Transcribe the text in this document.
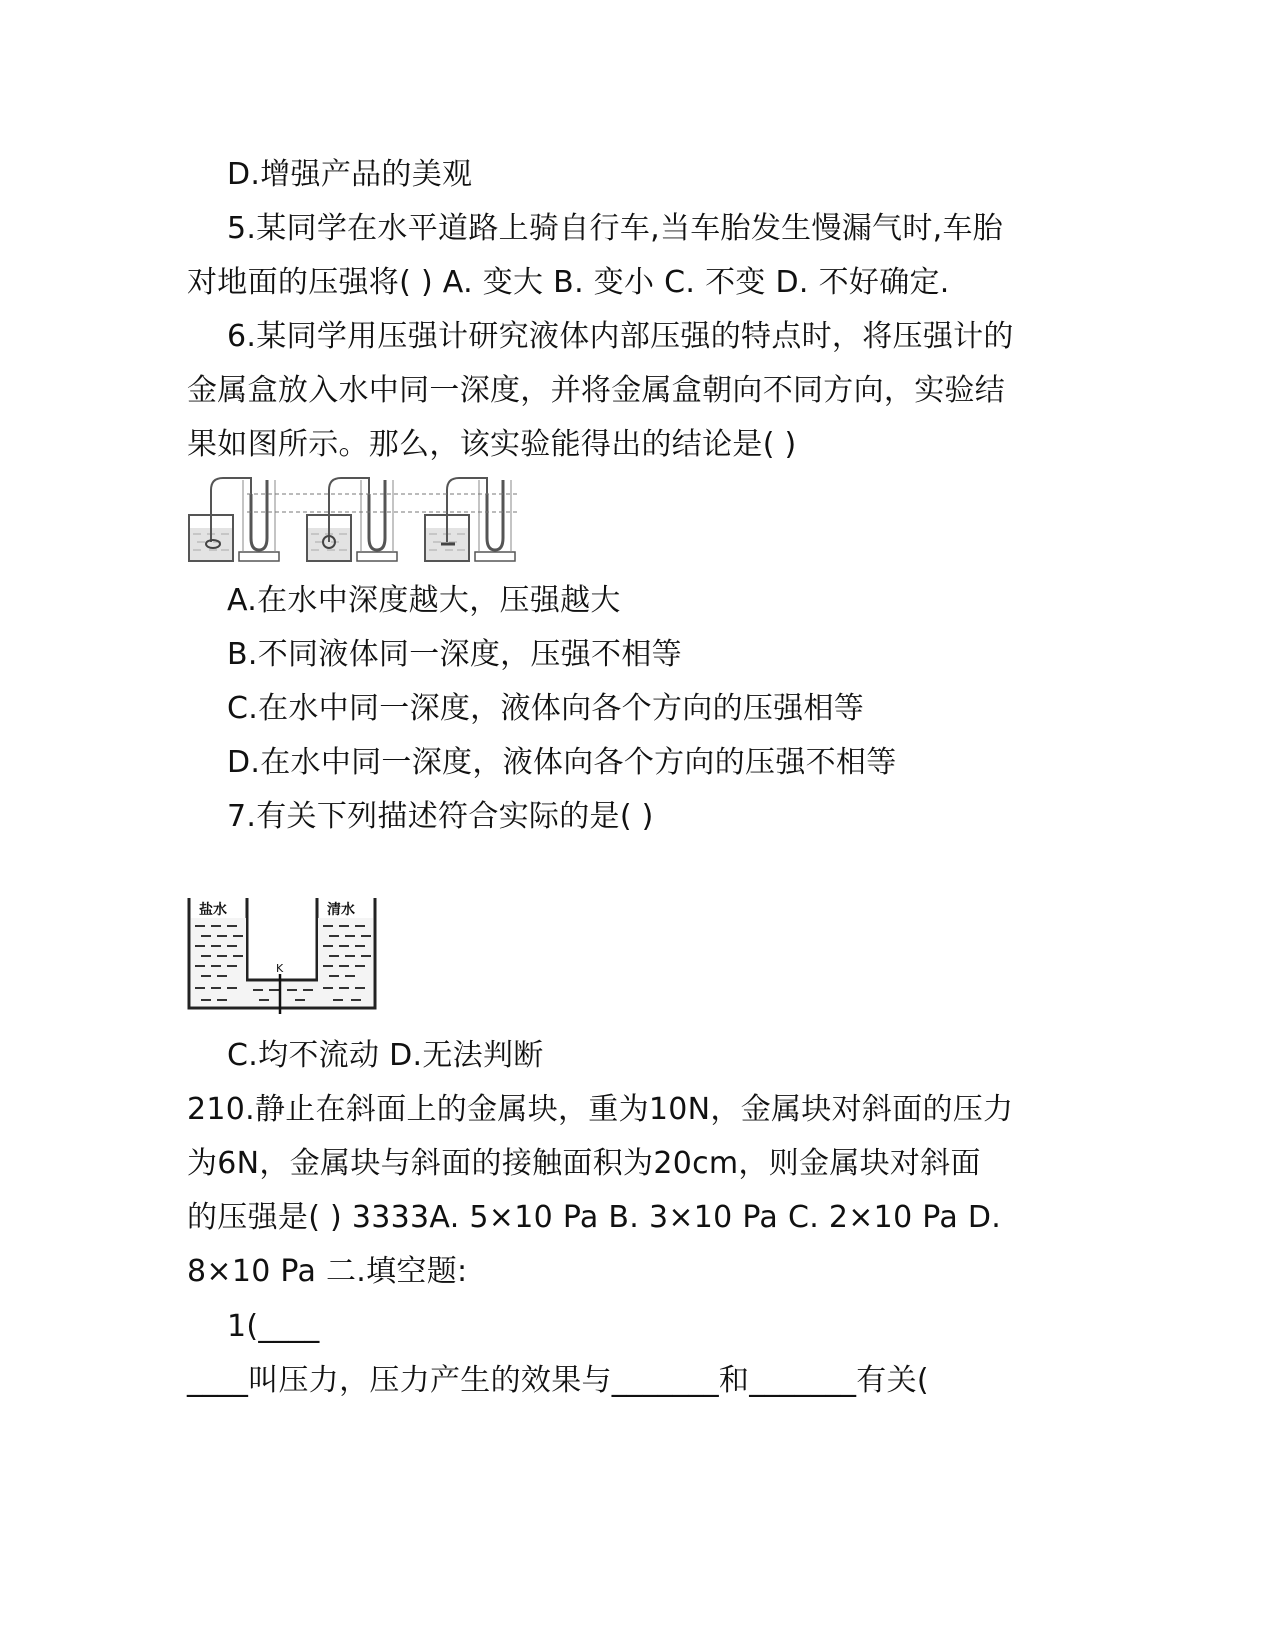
D.增强产品的美观

5.某同学在水平道路上骑自行车,当车胎发生慢漏气时,车胎

对地面的压强将( ) A. 变大 B. 变小 C. 不变 D. 不好确定.

6.某同学用压强计研究液体内部压强的特点时，将压强计的

金属盒放入水中同一深度，并将金属盒朝向不同方向，实验结

果如图所示。那么，该实验能得出的结论是( )

A.在水中深度越大，压强越大

B.不同液体同一深度，压强不相等

C.在水中同一深度，液体向各个方向的压强相等

D.在水中同一深度，液体向各个方向的压强不相等

7.有关下列描述符合实际的是( )

K
盐水	清水

C.均不流动 D.无法判断

210.静止在斜面上的金属块，重为10N，金属块对斜面的压力

为6N，金属块与斜面的接触面积为20cm，则金属块对斜面

的压强是( ) 3333A. 5×10 Pa B. 3×10 Pa C. 2×10 Pa D.

8×10 Pa 二.填空题:

1(____

____叫压力，压力产生的效果与_______和_______有关(
